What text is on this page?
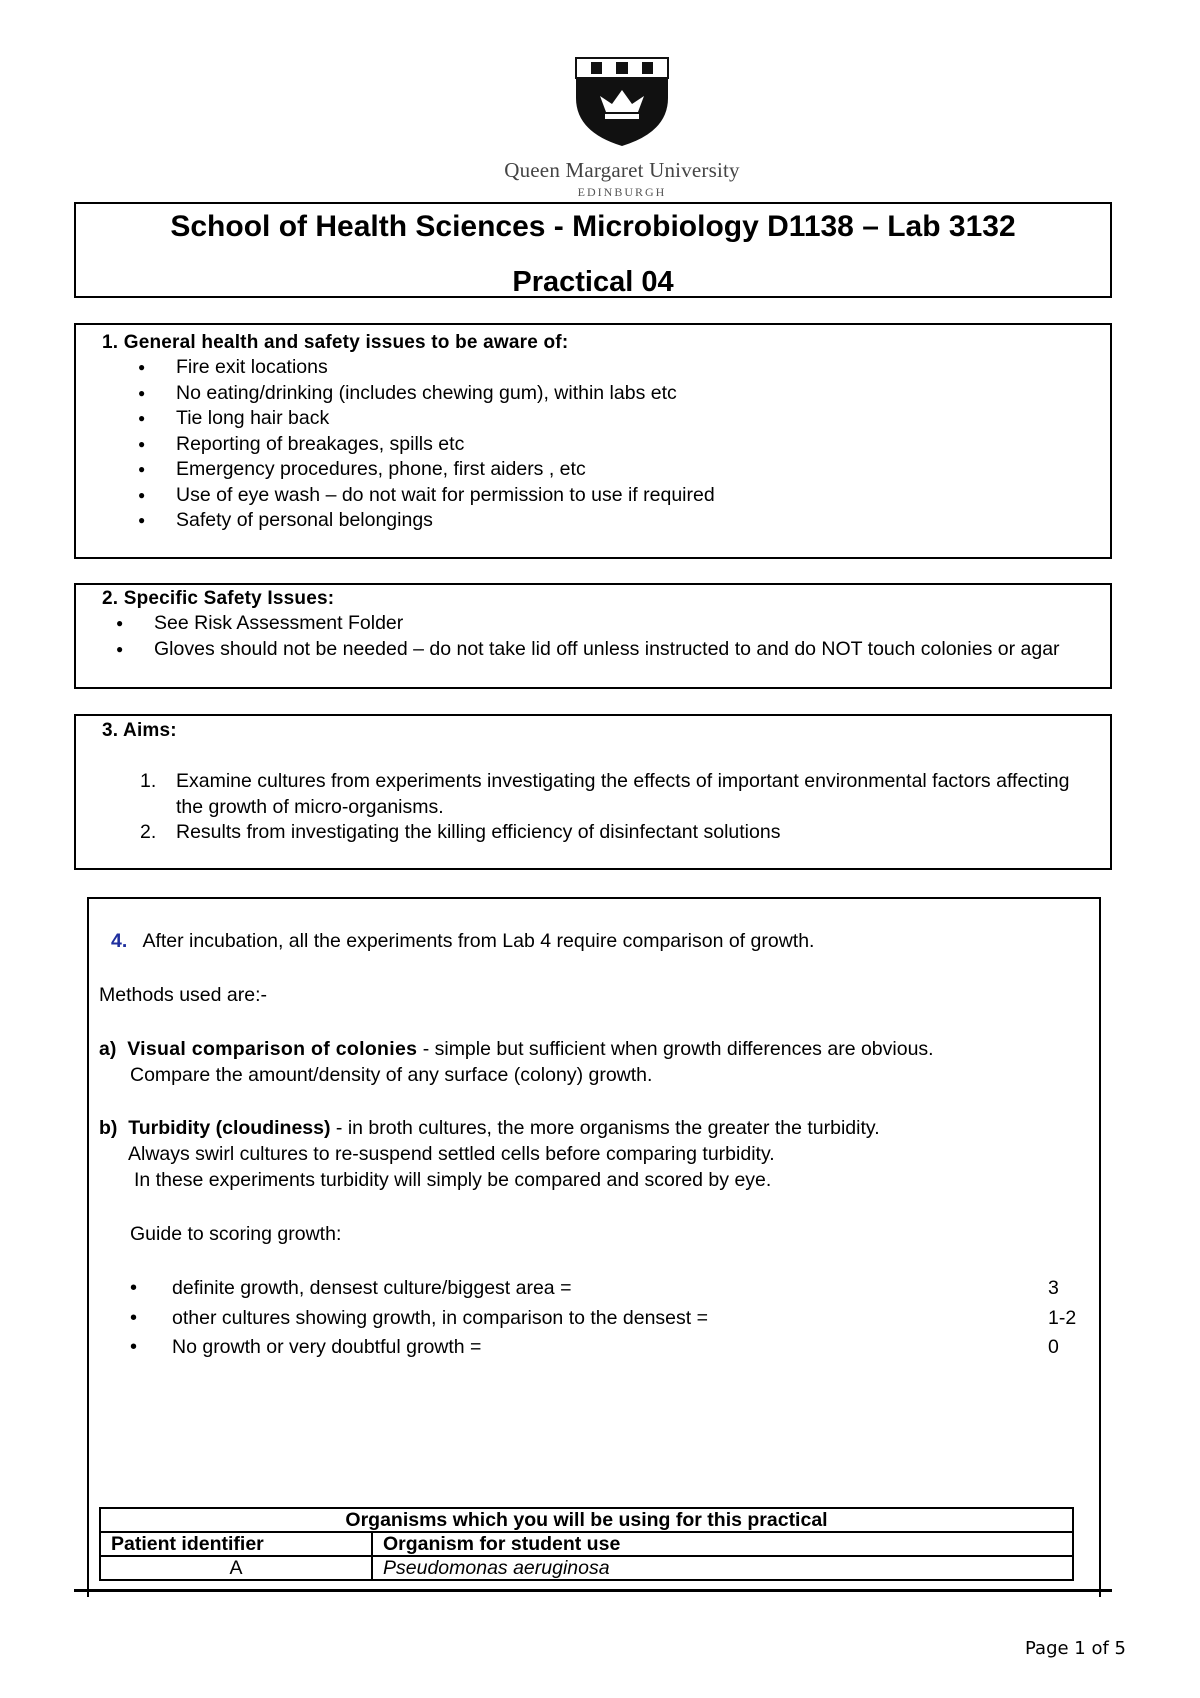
Queen Margaret University
EDINBURGH
School of Health Sciences - Microbiology D1138 – Lab 3132
Practical 04
1. General health and safety issues to be aware of:
● Fire exit locations
● No eating/drinking (includes chewing gum), within labs etc
● Tie long hair back
● Reporting of breakages, spills etc
● Emergency procedures, phone, first aiders , etc
● Use of eye wash – do not wait for permission to use if required
● Safety of personal belongings
2. Specific Safety Issues:
● See Risk Assessment Folder
● Gloves should not be needed – do not take lid off unless instructed to and do NOT touch colonies or agar
3. Aims:
1. Examine cultures from experiments investigating the effects of important environmental factors affecting the growth of micro-organisms.
2. Results from investigating the killing efficiency of disinfectant solutions
4. After incubation, all the experiments from Lab 4 require comparison of growth.
Methods used are:-
a) Visual comparison of colonies - simple but sufficient when growth differences are obvious.
Compare the amount/density of any surface (colony) growth.
b) Turbidity (cloudiness) - in broth cultures, the more organisms the greater the turbidity.
Always swirl cultures to re-suspend settled cells before comparing turbidity.
In these experiments turbidity will simply be compared and scored by eye.
Guide to scoring growth:
• definite growth, densest culture/biggest area =	3
• other cultures showing growth, in comparison to the densest =	1-2
• No growth or very doubtful growth =	0
Organisms which you will be using for this practical	
Patient identifier	Organism for student use
A	Pseudomonas aeruginosa
Page 1 of 5
